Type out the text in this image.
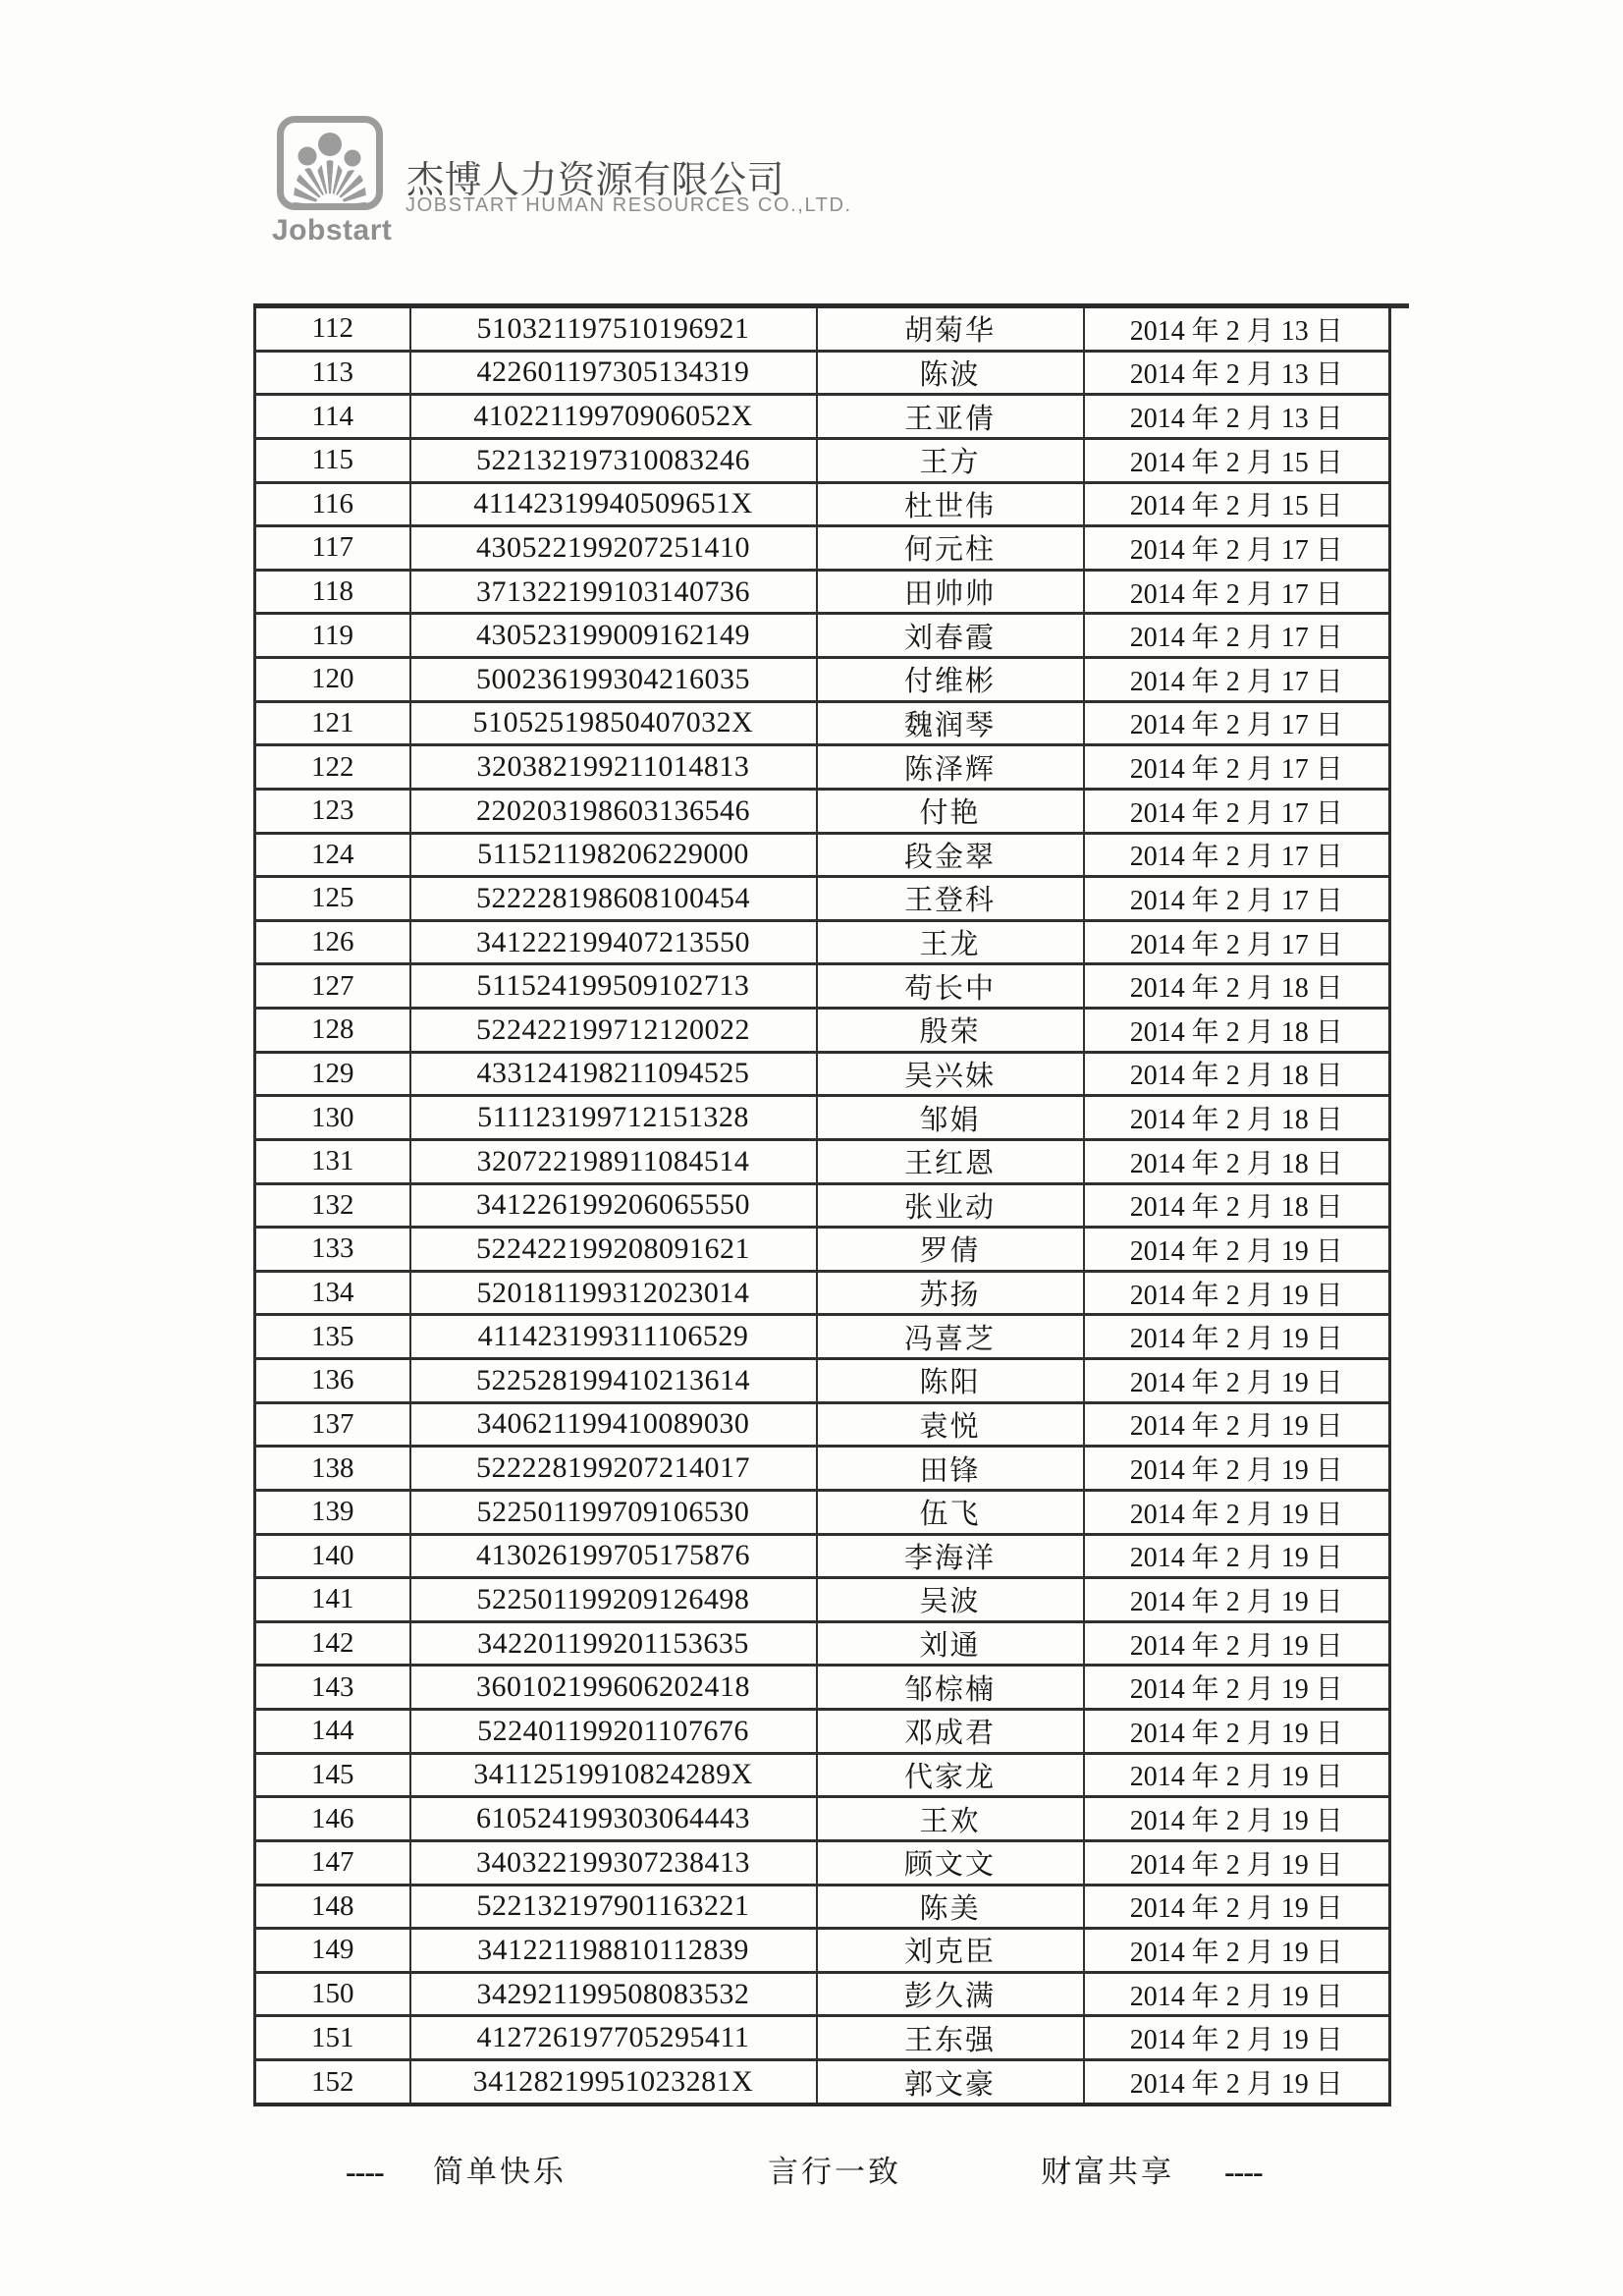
Jobstart
杰博人力资源有限公司
JOBSTART HUMAN RESOURCES CO.,LTD.
112	510321197510196921	胡菊华	2014 年 2 月 13 日
113	422601197305134319	陈波	2014 年 2 月 13 日
114	41022119970906052X	王亚倩	2014 年 2 月 13 日
115	522132197310083246	王方	2014 年 2 月 15 日
116	41142319940509651X	杜世伟	2014 年 2 月 15 日
117	430522199207251410	何元柱	2014 年 2 月 17 日
118	371322199103140736	田帅帅	2014 年 2 月 17 日
119	430523199009162149	刘春霞	2014 年 2 月 17 日
120	500236199304216035	付维彬	2014 年 2 月 17 日
121	51052519850407032X	魏润琴	2014 年 2 月 17 日
122	320382199211014813	陈泽辉	2014 年 2 月 17 日
123	220203198603136546	付艳	2014 年 2 月 17 日
124	511521198206229000	段金翠	2014 年 2 月 17 日
125	522228198608100454	王登科	2014 年 2 月 17 日
126	341222199407213550	王龙	2014 年 2 月 17 日
127	511524199509102713	苟长中	2014 年 2 月 18 日
128	522422199712120022	殷荣	2014 年 2 月 18 日
129	433124198211094525	吴兴妹	2014 年 2 月 18 日
130	511123199712151328	邹娟	2014 年 2 月 18 日
131	320722198911084514	王红恩	2014 年 2 月 18 日
132	341226199206065550	张业动	2014 年 2 月 18 日
133	522422199208091621	罗倩	2014 年 2 月 19 日
134	520181199312023014	苏扬	2014 年 2 月 19 日
135	411423199311106529	冯喜芝	2014 年 2 月 19 日
136	522528199410213614	陈阳	2014 年 2 月 19 日
137	340621199410089030	袁悦	2014 年 2 月 19 日
138	522228199207214017	田锋	2014 年 2 月 19 日
139	522501199709106530	伍飞	2014 年 2 月 19 日
140	413026199705175876	李海洋	2014 年 2 月 19 日
141	522501199209126498	吴波	2014 年 2 月 19 日
142	342201199201153635	刘通	2014 年 2 月 19 日
143	360102199606202418	邹棕楠	2014 年 2 月 19 日
144	522401199201107676	邓成君	2014 年 2 月 19 日
145	34112519910824289X	代家龙	2014 年 2 月 19 日
146	610524199303064443	王欢	2014 年 2 月 19 日
147	340322199307238413	顾文文	2014 年 2 月 19 日
148	522132197901163221	陈美	2014 年 2 月 19 日
149	341221198810112839	刘克臣	2014 年 2 月 19 日
150	342921199508083532	彭久满	2014 年 2 月 19 日
151	412726197705295411	王东强	2014 年 2 月 19 日
152	34128219951023281X	郭文豪	2014 年 2 月 19 日
---- 简单快乐	言行一致	财富共享 ----
